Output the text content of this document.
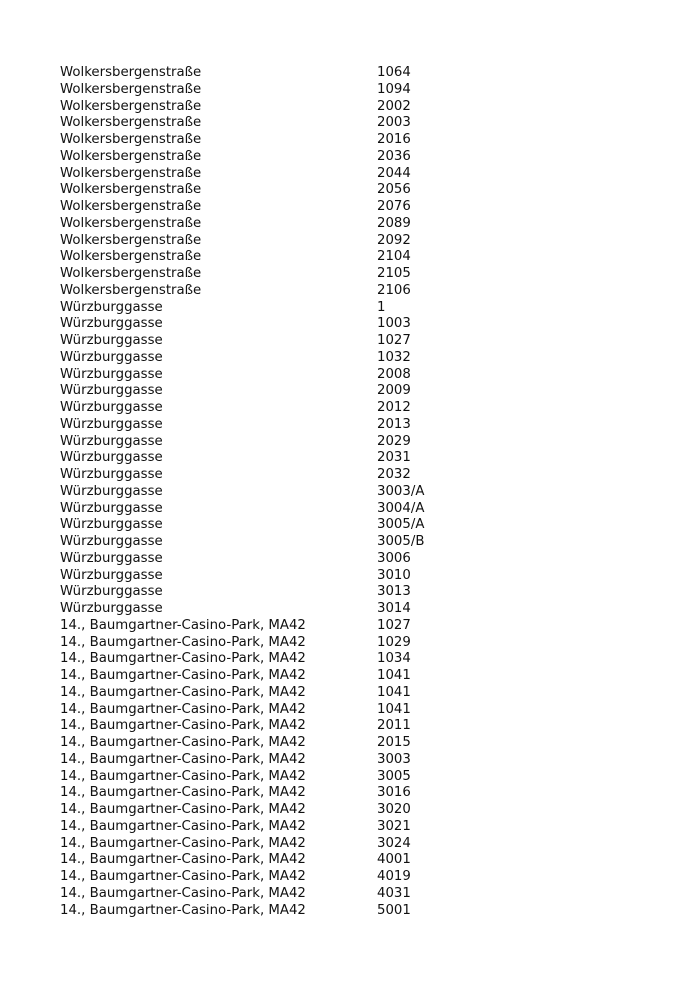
Wolkersbergenstraße	1064
Wolkersbergenstraße	1094
Wolkersbergenstraße	2002
Wolkersbergenstraße	2003
Wolkersbergenstraße	2016
Wolkersbergenstraße	2036
Wolkersbergenstraße	2044
Wolkersbergenstraße	2056
Wolkersbergenstraße	2076
Wolkersbergenstraße	2089
Wolkersbergenstraße	2092
Wolkersbergenstraße	2104
Wolkersbergenstraße	2105
Wolkersbergenstraße	2106
Würzburggasse	1
Würzburggasse	1003
Würzburggasse	1027
Würzburggasse	1032
Würzburggasse	2008
Würzburggasse	2009
Würzburggasse	2012
Würzburggasse	2013
Würzburggasse	2029
Würzburggasse	2031
Würzburggasse	2032
Würzburggasse	3003/A
Würzburggasse	3004/A
Würzburggasse	3005/A
Würzburggasse	3005/B
Würzburggasse	3006
Würzburggasse	3010
Würzburggasse	3013
Würzburggasse	3014
14., Baumgartner-Casino-Park, MA42	1027
14., Baumgartner-Casino-Park, MA42	1029
14., Baumgartner-Casino-Park, MA42	1034
14., Baumgartner-Casino-Park, MA42	1041
14., Baumgartner-Casino-Park, MA42	1041
14., Baumgartner-Casino-Park, MA42	1041
14., Baumgartner-Casino-Park, MA42	2011
14., Baumgartner-Casino-Park, MA42	2015
14., Baumgartner-Casino-Park, MA42	3003
14., Baumgartner-Casino-Park, MA42	3005
14., Baumgartner-Casino-Park, MA42	3016
14., Baumgartner-Casino-Park, MA42	3020
14., Baumgartner-Casino-Park, MA42	3021
14., Baumgartner-Casino-Park, MA42	3024
14., Baumgartner-Casino-Park, MA42	4001
14., Baumgartner-Casino-Park, MA42	4019
14., Baumgartner-Casino-Park, MA42	4031
14., Baumgartner-Casino-Park, MA42	5001
